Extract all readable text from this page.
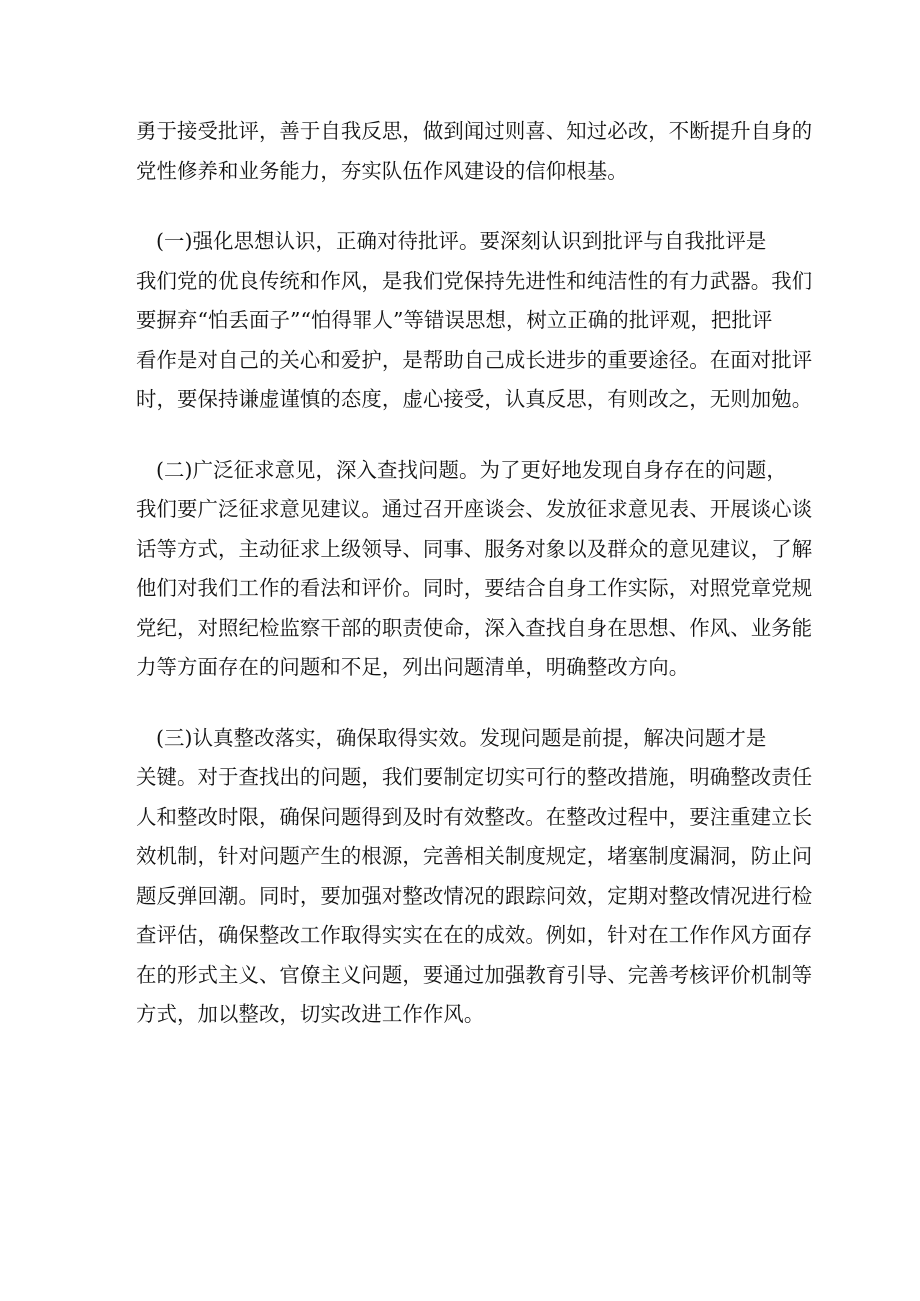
勇于接受批评，善于自我反思，做到闻过则喜、知过必改，不断提升自身的
党性修养和业务能力，夯实队伍作风建设的信仰根基。
(一)强化思想认识，正确对待批评。要深刻认识到批评与自我批评是
我们党的优良传统和作风，是我们党保持先进性和纯洁性的有力武器。我们
要摒弃“怕丢面子”“怕得罪人”等错误思想，树立正确的批评观，把批评
看作是对自己的关心和爱护，是帮助自己成长进步的重要途径。在面对批评
时，要保持谦虚谨慎的态度，虚心接受，认真反思，有则改之，无则加勉。
(二)广泛征求意见，深入查找问题。为了更好地发现自身存在的问题，
我们要广泛征求意见建议。通过召开座谈会、发放征求意见表、开展谈心谈
话等方式，主动征求上级领导、同事、服务对象以及群众的意见建议，了解
他们对我们工作的看法和评价。同时，要结合自身工作实际，对照党章党规
党纪，对照纪检监察干部的职责使命，深入查找自身在思想、作风、业务能
力等方面存在的问题和不足，列出问题清单，明确整改方向。
(三)认真整改落实，确保取得实效。发现问题是前提，解决问题才是
关键。对于查找出的问题，我们要制定切实可行的整改措施，明确整改责任
人和整改时限，确保问题得到及时有效整改。在整改过程中，要注重建立长
效机制，针对问题产生的根源，完善相关制度规定，堵塞制度漏洞，防止问
题反弹回潮。同时，要加强对整改情况的跟踪问效，定期对整改情况进行检
查评估，确保整改工作取得实实在在的成效。例如，针对在工作作风方面存
在的形式主义、官僚主义问题，要通过加强教育引导、完善考核评价机制等
方式，加以整改，切实改进工作作风。
